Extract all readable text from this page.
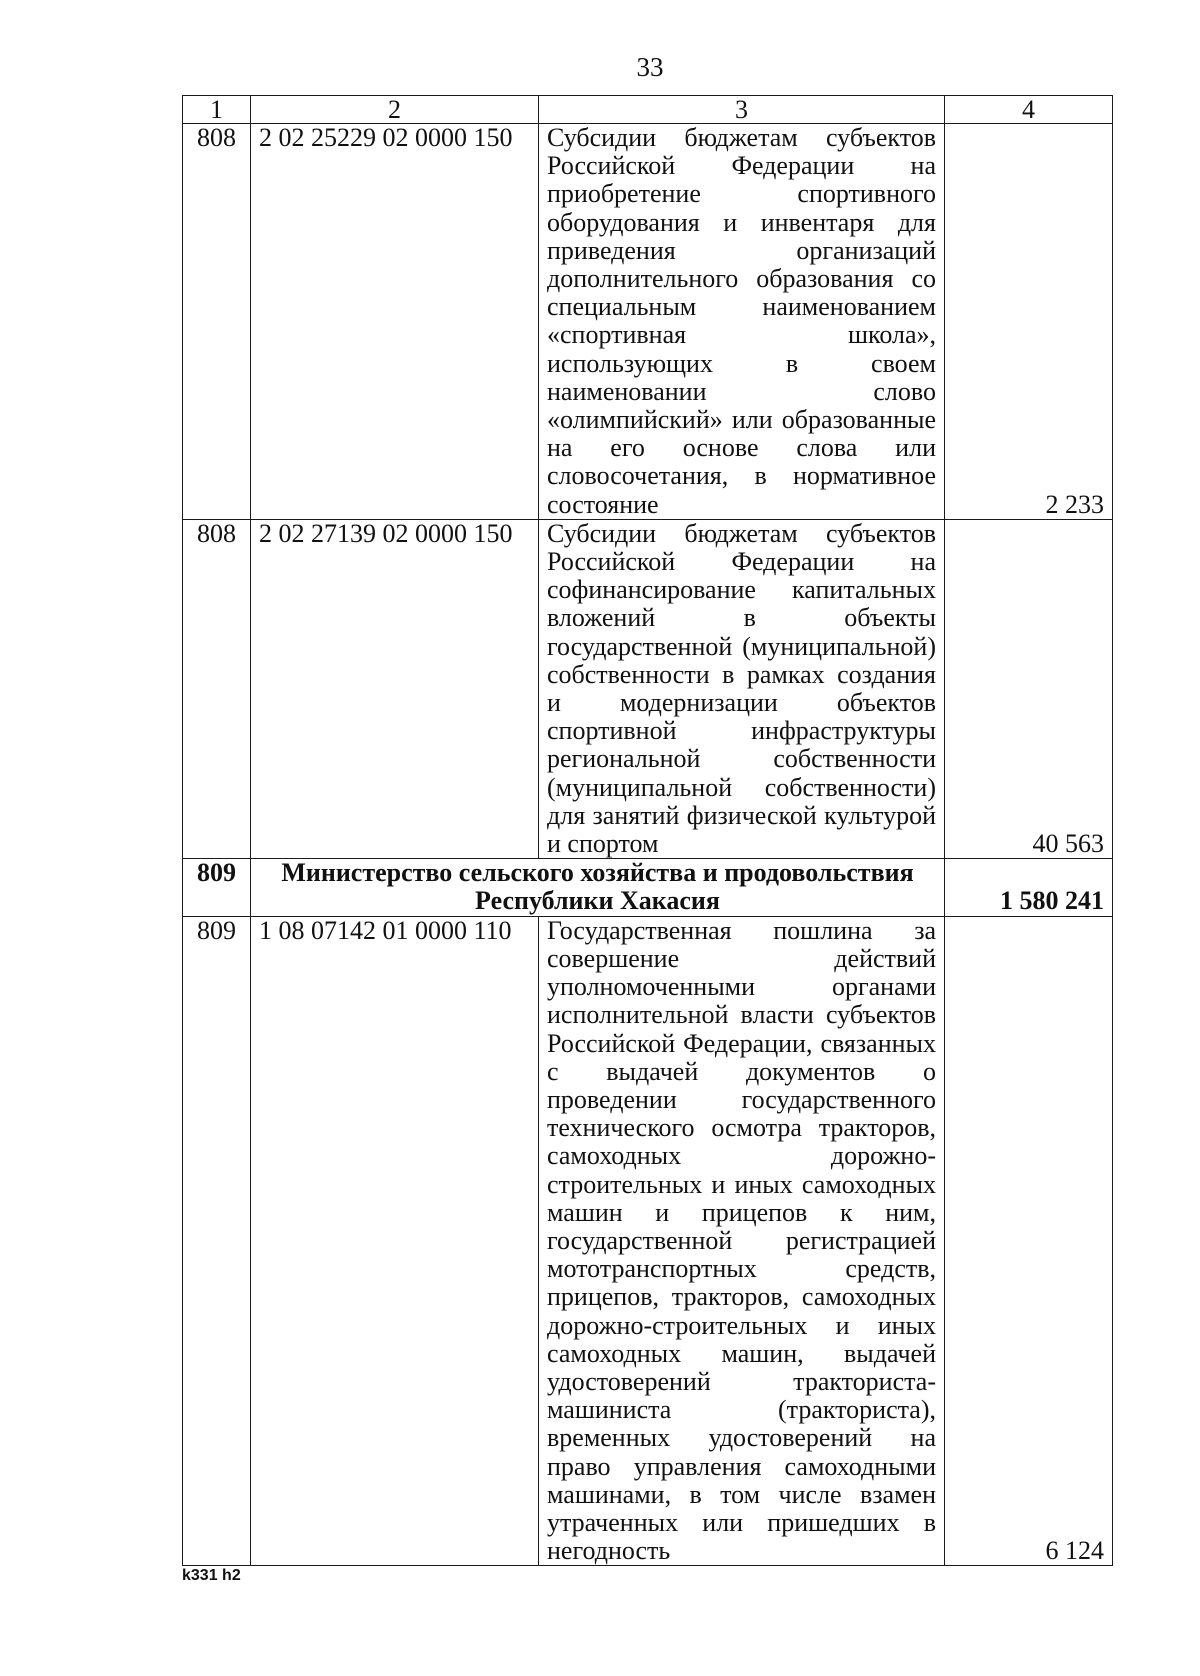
33
1	2	3	4
808	2 02 25229 02 0000 150	Субсидии бюджетам субъектов Российской Федерации на приобретение спортивного оборудования и инвентаря для приведения организаций дополнительного образования со специальным наименованием «спортивная школа», использующих в своем наименовании слово «олимпийский» или образованные на его основе слова или словосочетания, в нормативное состояние	2 233
808	2 02 27139 02 0000 150	Субсидии бюджетам субъектов Российской Федерации на софинансирование капитальных вложений в объекты государственной (муниципальной) собственности в рамках создания и модернизации объектов спортивной инфраструктуры региональной собственности (муниципальной собственности) для занятий физической культурой и спортом	40 563
809	Министерство сельского хозяйства и продовольствия Республики Хакасия		1 580 241
809	1 08 07142 01 0000 110	Государственная пошлина за совершение действий уполномоченными органами исполнительной власти субъектов Российской Федерации, связанных с выдачей документов о проведении государственного технического осмотра тракторов, самоходных дорожно-строительных и иных самоходных машин и прицепов к ним, государственной регистрацией мототранспортных средств, прицепов, тракторов, самоходных дорожно-строительных и иных самоходных машин, выдачей удостоверений тракториста-машиниста (тракториста), временных удостоверений на право управления самоходными машинами, в том числе взамен утраченных или пришедших в негодность	6 124
k331 h2
